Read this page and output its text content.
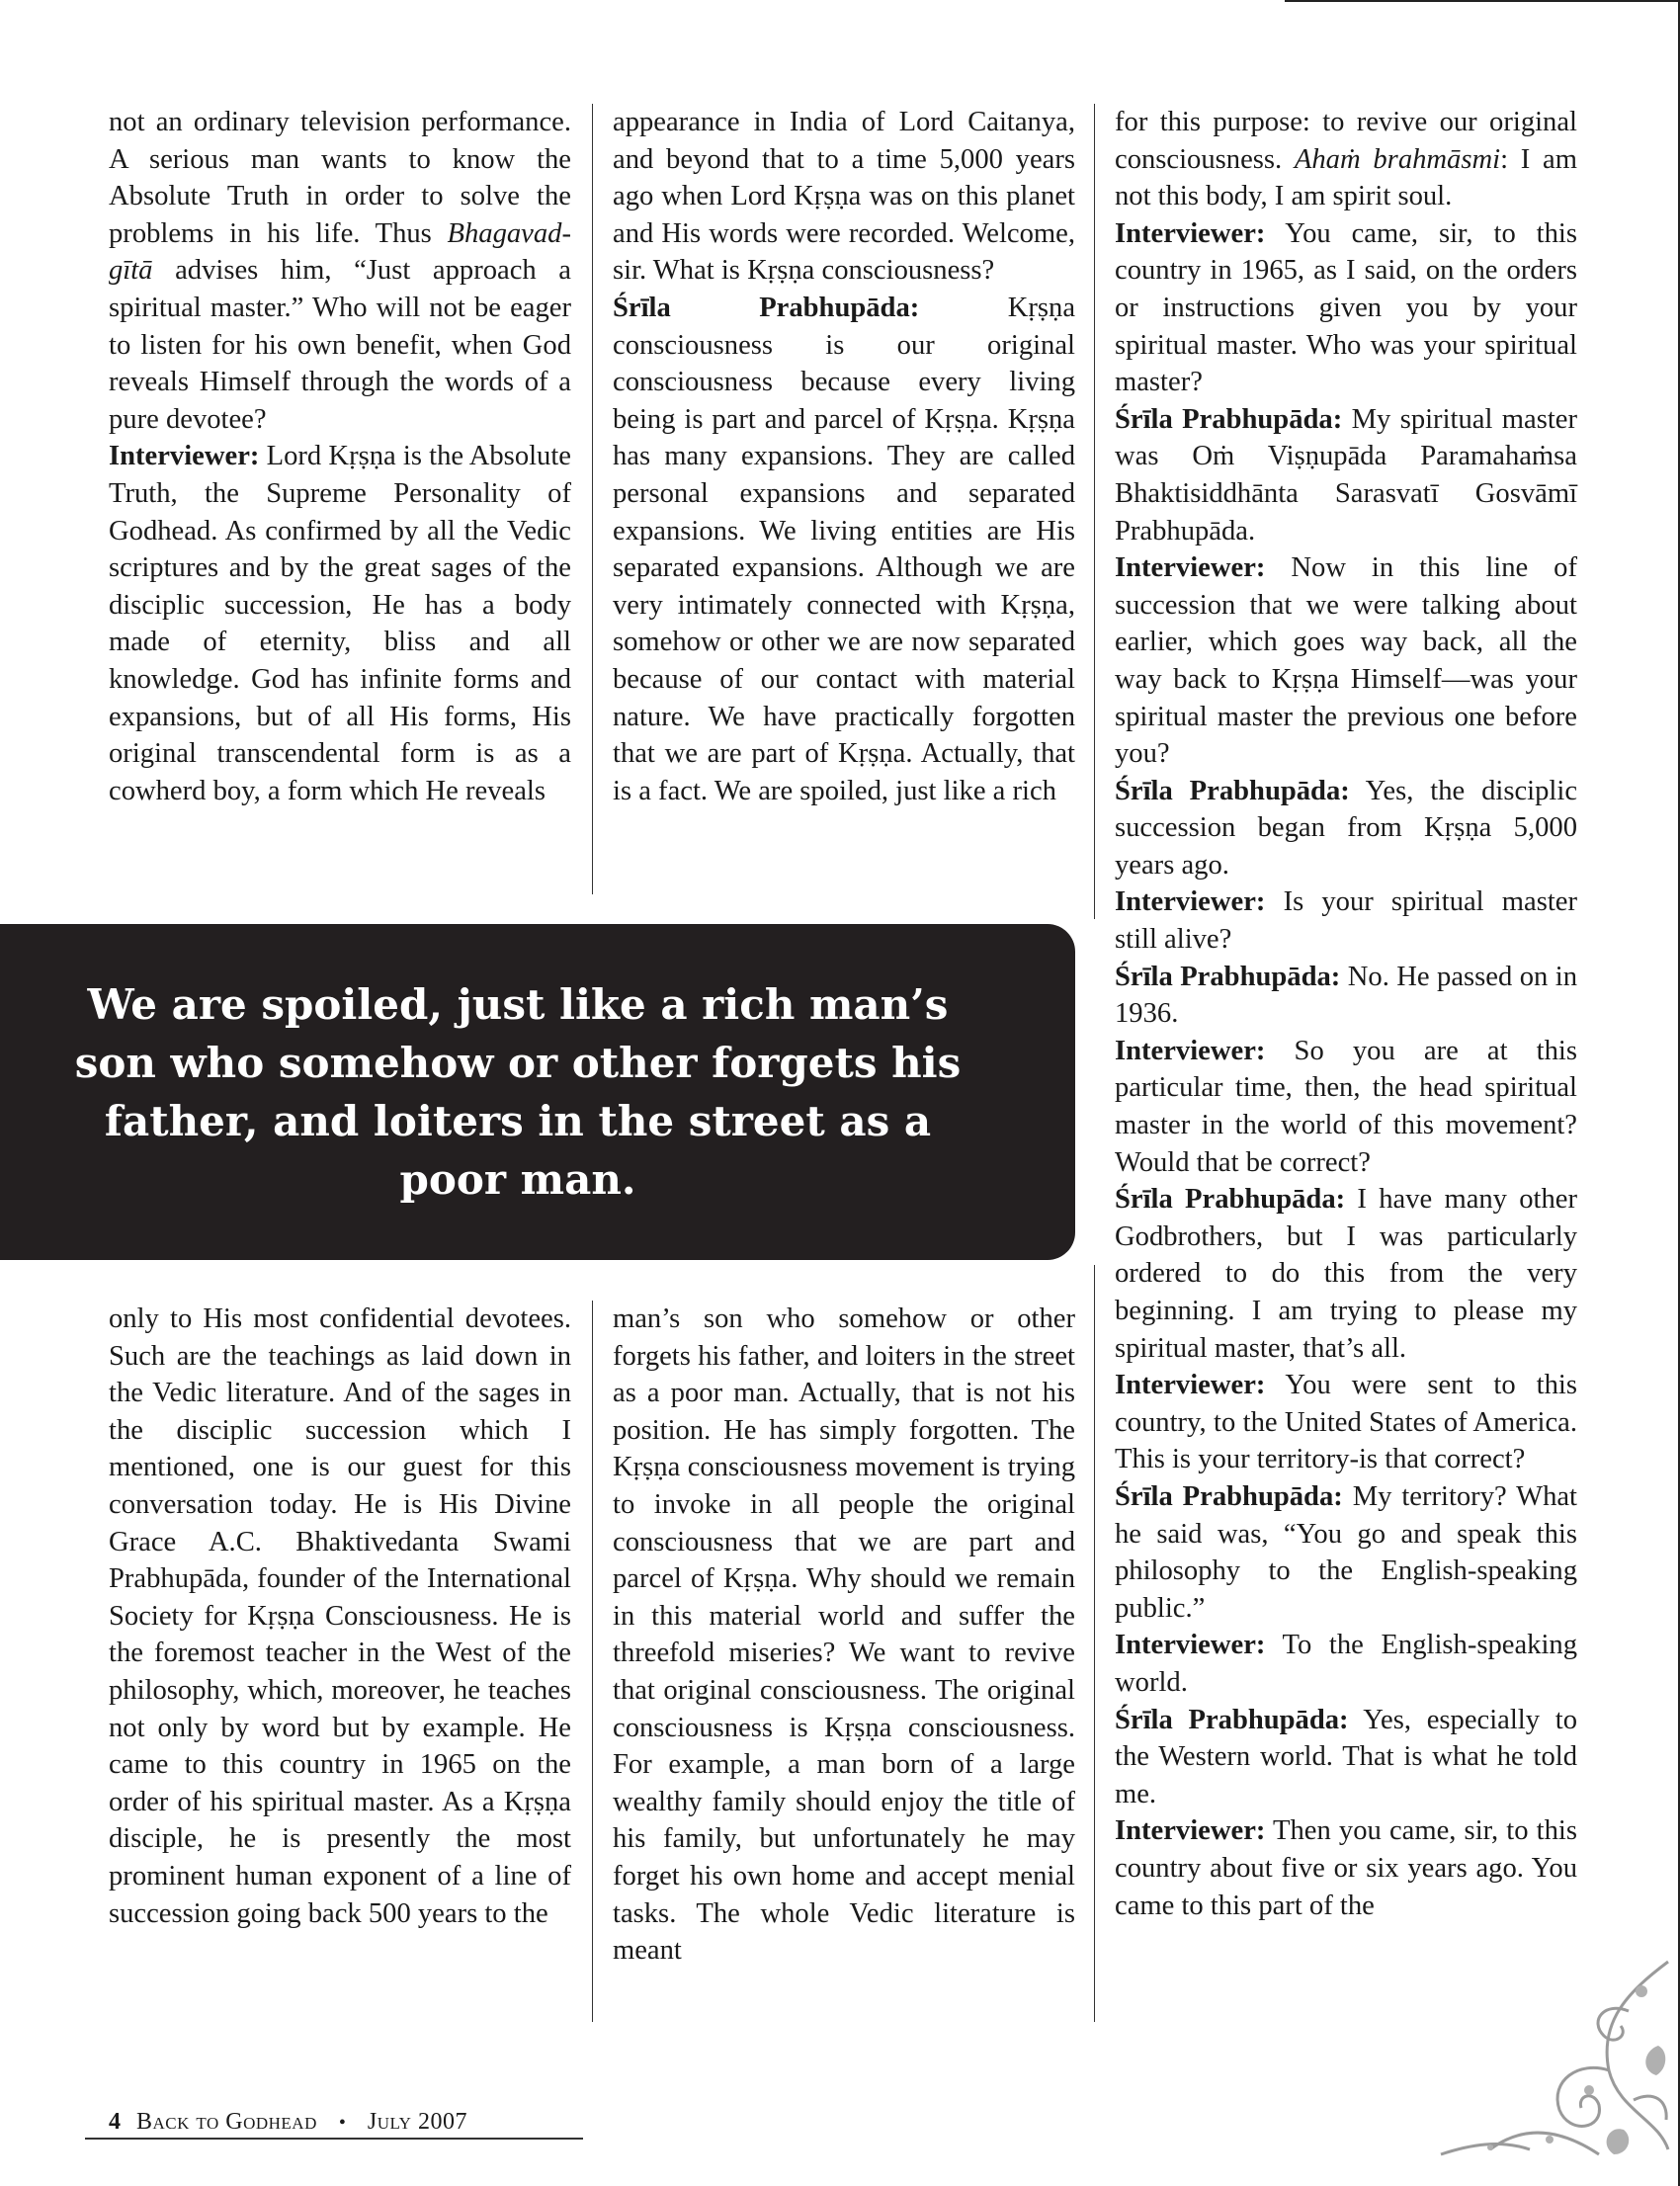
not an ordinary television performance. A serious man wants to know the Absolute Truth in order to solve the problems in his life. Thus Bhagavad-gītā advises him, “Just approach a spiritual master.” Who will not be eager to listen for his own benefit, when God reveals Himself through the words of a pure devotee?

Interviewer: Lord Kṛṣṇa is the Absolute Truth, the Supreme Personality of Godhead. As confirmed by all the Vedic scriptures and by the great sages of the disciplic succession, He has a body made of eternity, bliss and all knowledge. God has infinite forms and expansions, but of all His forms, His original transcendental form is as a cowherd boy, a form which He reveals

appearance in India of Lord Caitanya, and beyond that to a time 5,000 years ago when Lord Kṛṣṇa was on this planet and His words were recorded. Welcome, sir. What is Kṛṣṇa consciousness?

Śrīla Prabhupāda: Kṛṣṇa consciousness is our original consciousness because every living being is part and parcel of Kṛṣṇa. Kṛṣṇa has many expansions. They are called personal expansions and separated expansions. We living entities are His separated expansions. Although we are very intimately connected with Kṛṣṇa, somehow or other we are now separated because of our contact with material nature. We have practically forgotten that we are part of Kṛṣṇa. Actually, that is a fact. We are spoiled, just like a rich

only to His most confidential devotees. Such are the teachings as laid down in the Vedic literature. And of the sages in the disciplic succession which I mentioned, one is our guest for this conversation today. He is His Divine Grace A.C. Bhaktivedanta Swami Prabhupāda, founder of the International Society for Kṛṣṇa Consciousness. He is the foremost teacher in the West of the philosophy, which, moreover, he teaches not only by word but by example. He came to this country in 1965 on the order of his spiritual master. As a Kṛṣṇa disciple, he is presently the most prominent human exponent of a line of succession going back 500 years to the

man’s son who somehow or other forgets his father, and loiters in the street as a poor man. Actually, that is not his position. He has simply forgotten. The Kṛṣṇa consciousness movement is trying to invoke in all people the original consciousness that we are part and parcel of Kṛṣṇa. Why should we remain in this material world and suffer the threefold miseries? We want to revive that original consciousness. The original consciousness is Kṛṣṇa consciousness. For example, a man born of a large wealthy family should enjoy the title of his family, but unfortunately he may forget his own home and accept menial tasks. The whole Vedic literature is meant

for this purpose: to revive our original consciousness. Ahaṁ brahmāsmi: I am not this body, I am spirit soul.

Interviewer: You came, sir, to this country in 1965, as I said, on the orders or instructions given you by your spiritual master. Who was your spiritual master?

Śrīla Prabhupāda: My spiritual master was Oṁ Viṣṇupāda Paramahaṁsa Bhaktisiddhānta Sarasvatī Gosvāmī Prabhupāda.

Interviewer: Now in this line of succession that we were talking about earlier, which goes way back, all the way back to Kṛṣṇa Himself—was your spiritual master the previous one before you?

Śrīla Prabhupāda: Yes, the disciplic succession began from Kṛṣṇa 5,000 years ago.

Interviewer: Is your spiritual master still alive?

Śrīla Prabhupāda: No. He passed on in 1936.

Interviewer: So you are at this particular time, then, the head spiritual master in the world of this movement? Would that be correct?

Śrīla Prabhupāda: I have many other Godbrothers, but I was particularly ordered to do this from the very beginning. I am trying to please my spiritual master, that’s all.

Interviewer: You were sent to this country, to the United States of America. This is your territory-is that correct?

Śrīla Prabhupāda: My territory? What he said was, “You go and speak this philosophy to the English-speaking public.”

Interviewer: To the English-speaking world.

Śrīla Prabhupāda: Yes, especially to the Western world. That is what he told me.

Interviewer: Then you came, sir, to this country about five or six years ago. You came to this part of the

We are spoiled, just like a rich man’s son who somehow or other forgets his father, and loiters in the street as a poor man.
4 Back to Godhead • July 2007
